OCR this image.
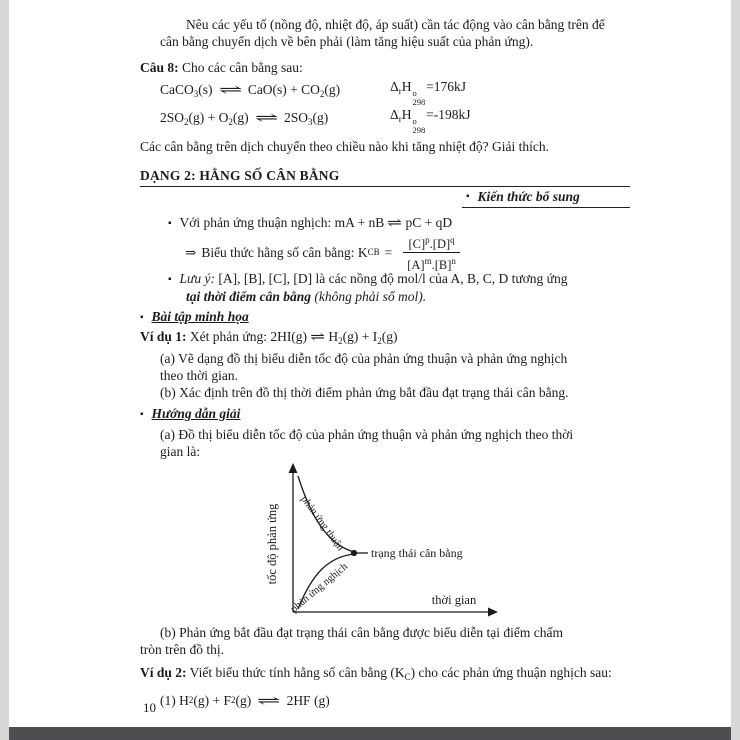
Nêu các yếu tố (nồng độ, nhiệt độ, áp suất) cần tác động vào cân bằng trên để
cân bằng chuyển dịch về bên phải (làm tăng hiệu suất của phản ứng).
Câu 8: Cho các cân bằng sau:
CaCO$_3$(s) ⇌ $CaO(s) + CO_2(g)$	$\Delta_rH$ o
298
=176kJ
$2SO_2(g) + O_2(g)$ ⇌ $2SO_3(g)$	$\Delta_rH$ o
298
=-198kJ
Các cân bằng trên dịch chuyển theo chiều nào khi tăng nhiệt độ? Giải thích.
DẠNG 2: HẰNG SỐ CÂN BẰNG
▪ Kiến thức bổ sung
▪ Với phản ứng thuận nghịch: mA + nB ⇌ pC + qD
⇒ Biểu thức hằng số cân bằng: K CB = $\frac{[C]^p.[D]^q}{[A]^m.[B]^n}$
▪ Lưu ý: [A], [B], [C], [D] là các nồng độ mol/l của A, B, C, D tương ứng
tại thời điểm cân bằng (không phải số mol).
▪ Bài tập minh họa
Ví dụ 1: Xét phản ứng: 2HI(g) ⇌ $H_2(g) + I_2(g)$
(a) Vẽ dạng đồ thị biểu diễn tốc độ của phản ứng thuận và phản ứng nghịch
theo thời gian.
(b) Xác định trên đồ thị thời điểm phản ứng bắt đầu đạt trạng thái cân bằng.
▪ Hướng dẫn giải
(a) Đồ thị biểu diễn tốc độ của phản ứng thuận và phản ứng nghịch theo thời
gian là:
tốc độ phản ứng
thời gian
phản ứng thuận
phản ứng nghịch
trạng thái cân bằng
(b) Phản ứng bắt đầu đạt trạng thái cân bằng được biểu diễn tại điểm chấm
tròn trên đồ thị.
Ví dụ 2: Viết biểu thức tính hằng số cân bằng $(K_C)$ cho các phản ứng thuận nghịch sau:
(1)
H 2 (g) + F 2 (g) ⇌ 2HF (g)
10
